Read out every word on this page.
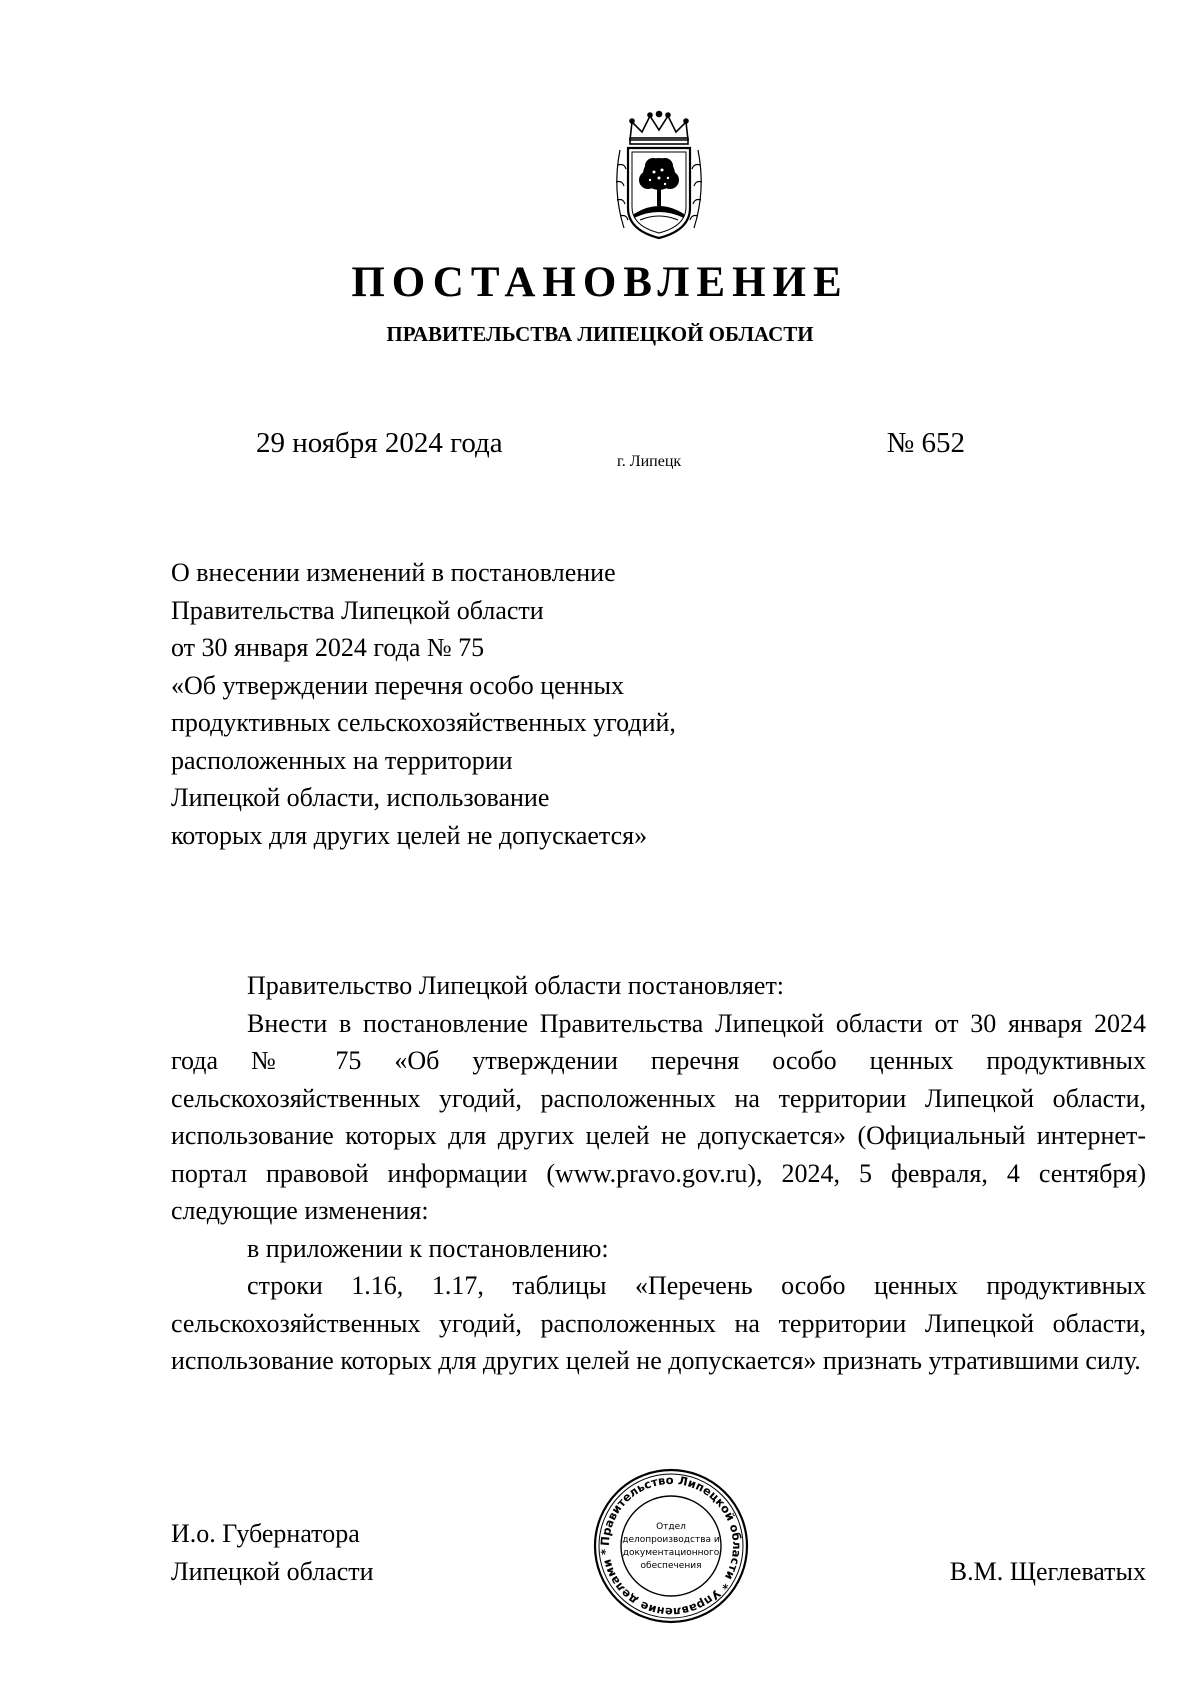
ПОСТАНОВЛЕНИЕ
ПРАВИТЕЛЬСТВА ЛИПЕЦКОЙ ОБЛАСТИ
29 ноября 2024 года
г. Липецк
№ 652
О внесении изменений в постановление
Правительства Липецкой области
от 30 января 2024 года № 75
«Об утверждении перечня особо ценных
продуктивных сельскохозяйственных угодий,
расположенных на территории
Липецкой области, использование
которых для других целей не допускается»

Правительство Липецкой области постановляет:

Внести в постановление Правительства Липецкой области от 30 января 2024 года № 75 «Об утверждении перечня особо ценных продуктивных сельскохозяйственных угодий, расположенных на территории Липецкой области, использование которых для других целей не допускается» (Официальный интернет-портал правовой информации (www.pravo.gov.ru), 2024, 5 февраля, 4 сентября) следующие изменения:

в приложении к постановлению:

строки 1.16, 1.17, таблицы «Перечень особо ценных продуктивных сельскохозяйственных угодий, расположенных на территории Липецкой области, использование которых для других целей не допускается» признать утратившими силу.

И.о. Губернатора
Липецкой области	В.М. Щеглеватых
Правительство Липецкой области * Управление делами *
Отдел
делопроизводства и
документационного
обеспечения
